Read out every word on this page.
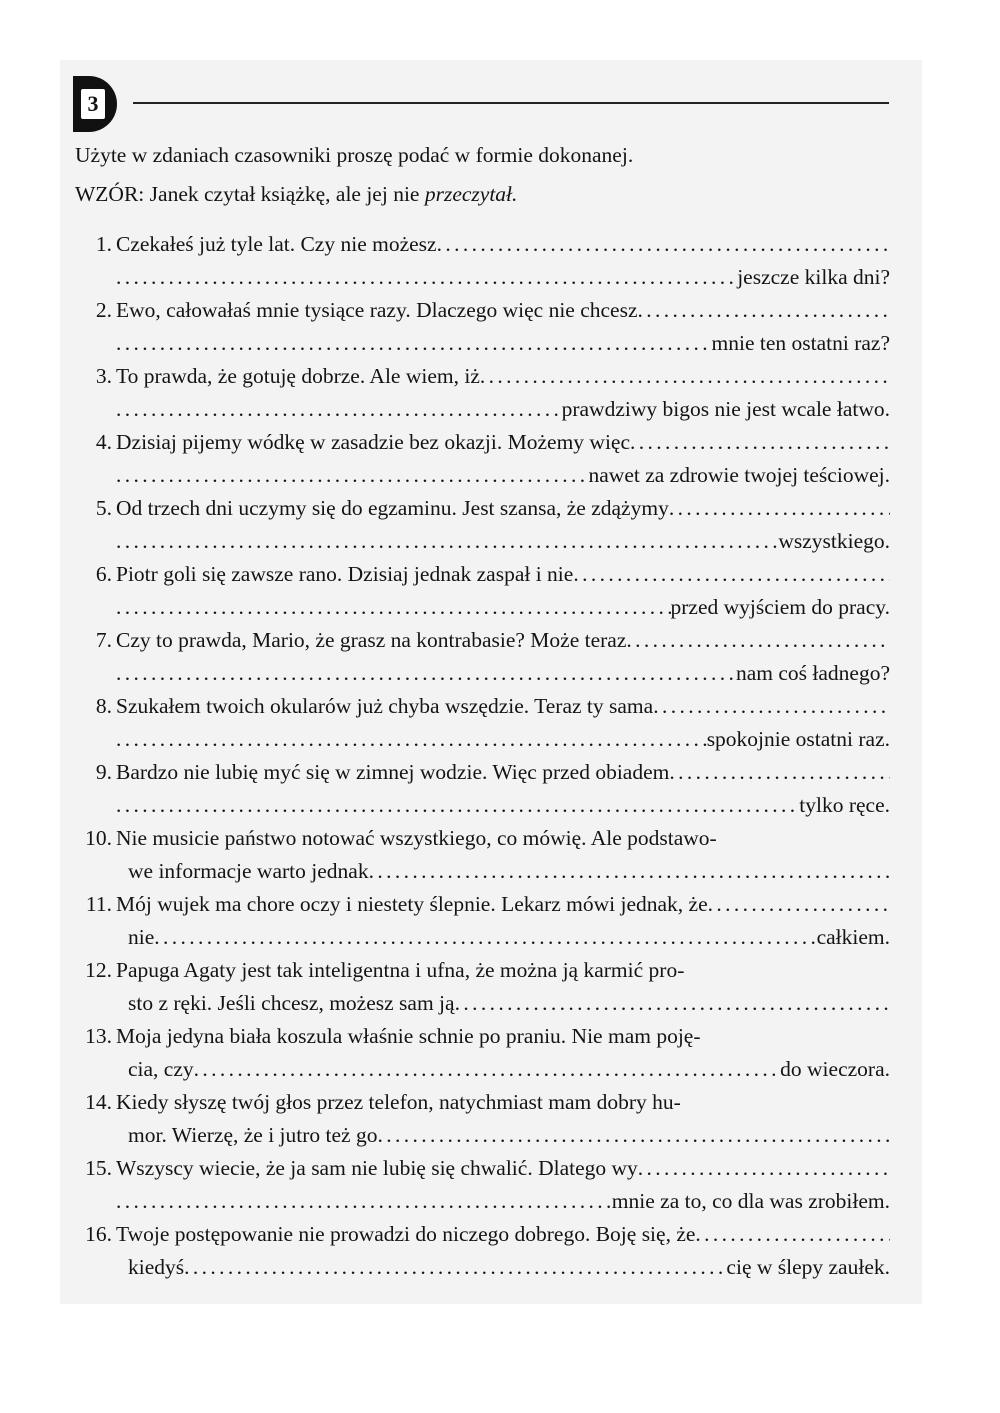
3
Użyte w zdaniach czasowniki proszę podać w formie dokonanej.
WZÓR: Janek czytał książkę, ale jej nie przeczytał.
1. Czekałeś już tyle lat. Czy nie możesz
. . .
. . .
jeszcze kilka dni?
2. Ewo, całowałaś mnie tysiące razy. Dlaczego więc nie chcesz
. . .
. . .
mnie ten ostatni raz?
3. To prawda, że gotuję dobrze. Ale wiem, iż
. . .
. . .
prawdziwy bigos nie jest wcale łatwo.
4. Dzisiaj pijemy wódkę w zasadzie bez okazji. Możemy więc
. . .
. . .
nawet za zdrowie twojej teściowej.
5. Od trzech dni uczymy się do egzaminu. Jest szansa, że zdążymy
. . .
. . .
wszystkiego.
6. Piotr goli się zawsze rano. Dzisiaj jednak zaspał i nie
. . .
. . .
przed wyjściem do pracy.
7. Czy to prawda, Mario, że grasz na kontrabasie? Może teraz
. . .
. . .
nam coś ładnego?
8. Szukałem twoich okularów już chyba wszędzie. Teraz ty sama
. . .
. . .
spokojnie ostatni raz.
9. Bardzo nie lubię myć się w zimnej wodzie. Więc przed obiadem
. . .
. . .
tylko ręce.
10. Nie musicie państwo notować wszystkiego, co mówię. Ale podstawo-
we informacje warto jednak
. . .
11. Mój wujek ma chore oczy i niestety ślepnie. Lekarz mówi jednak, że
. . .
nie . . .	całkiem.
12. Papuga Agaty jest tak inteligentna i ufna, że można ją karmić pro-
sto z ręki. Jeśli chcesz, możesz sam ją
. . .
13. Moja jedyna biała koszula właśnie schnie po praniu. Nie mam poję-
cia, czy . . .	do wieczora.
14. Kiedy słyszę twój głos przez telefon, natychmiast mam dobry hu-
mor. Wierzę, że i jutro też go
. . .
15. Wszyscy wiecie, że ja sam nie lubię się chwalić. Dlatego wy
. . .
. . .
mnie za to, co dla was zrobiłem.
16. Twoje postępowanie nie prowadzi do niczego dobrego. Boję się, że
. . .
kiedyś . . .	cię w ślepy zaułek.
